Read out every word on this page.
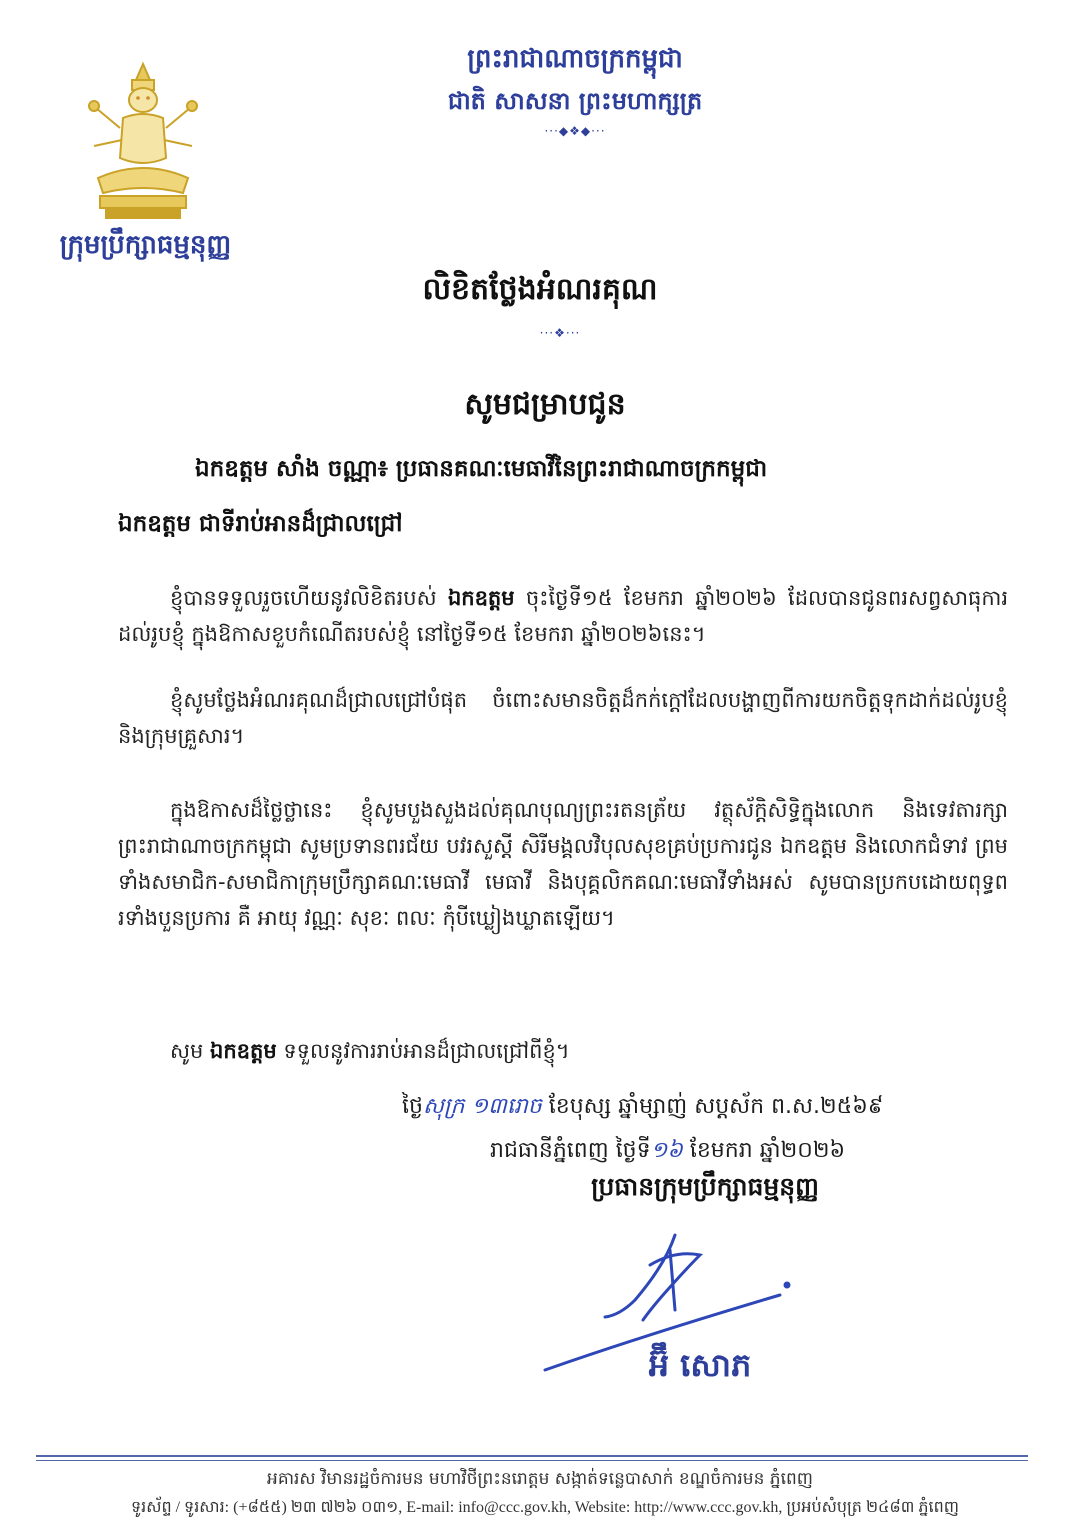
ក្រុមប្រឹក្សាធម្មនុញ្ញ
ព្រះរាជាណាចក្រកម្ពុជា
ជាតិ សាសនា ព្រះមហាក្សត្រ
···◆❖◆···
លិខិតថ្លែងអំណរគុណ
···❖···
សូមជម្រាបជូន
ឯកឧត្តម សាំង ចណ្ណា៖ ប្រធានគណៈមេធាវីនៃព្រះរាជាណាចក្រកម្ពុជា
ឯកឧត្តម ជាទីរាប់អានដ៏ជ្រាលជ្រៅ
ខ្ញុំបានទទួលរួចហើយនូវលិខិតរបស់ ឯកឧត្តម ចុះថ្ងៃទី១៥ ខែមករា ឆ្នាំ២០២៦ ដែលបានជូនពរសព្វសាធុការដល់រូបខ្ញុំ ក្នុងឱកាសខួបកំណើតរបស់ខ្ញុំ នៅថ្ងៃទី១៥ ខែមករា ឆ្នាំ២០២៦នេះ។
ខ្ញុំសូមថ្លែងអំណរគុណដ៏ជ្រាលជ្រៅបំផុត ចំពោះសមានចិត្តដ៏កក់ក្តៅដែលបង្ហាញពីការយកចិត្តទុកដាក់ដល់រូបខ្ញុំ និងក្រុមគ្រួសារ។
ក្នុងឱកាសដ៏ថ្លៃថ្លានេះ ខ្ញុំសូមបួងសួងដល់គុណបុណ្យព្រះរតនត្រ័យ វត្ថុស័ក្តិសិទ្ធិក្នុងលោក និងទេវតារក្សាព្រះរាជាណាចក្រកម្ពុជា សូមប្រទានពរជ័យ បវរសួស្តី សិរីមង្គលវិបុលសុខគ្រប់ប្រការជូន ឯកឧត្តម និងលោកជំទាវ ព្រមទាំងសមាជិក-សមាជិកាក្រុមប្រឹក្សាគណៈមេធាវី មេធាវី និងបុគ្គលិកគណៈមេធាវីទាំងអស់ សូមបានប្រកបដោយពុទ្ធពរទាំងបួនប្រការ គឺ អាយុ វណ្ណៈ សុខៈ ពលៈ កុំបីឃ្លៀងឃ្លាតឡើយ។
សូម ឯកឧត្តម ទទួលនូវការរាប់អានដ៏ជ្រាលជ្រៅពីខ្ញុំ។
ថ្ងៃសុក្រ ១៣រោច ខែបុស្ស ឆ្នាំម្សាញ់ សប្តស័ក ព.ស.២៥៦៩
រាជធានីភ្នំពេញ ថ្ងៃទី១៦ ខែមករា ឆ្នាំ២០២៦
ប្រធានក្រុមប្រឹក្សាធម្មនុញ្ញ
អ៊ឹ សោភ
អគារស វិមានរដ្ឋចំការមន មហាវិថីព្រះនរោត្តម សង្កាត់ទន្លេបាសាក់ ខណ្ឌចំការមន ភ្នំពេញ
ទូរស័ព្ទ / ទូរសារ: (+៨៥៥) ២៣ ៧២៦ ០៣១, E-mail: info@ccc.gov.kh, Website: http://www.ccc.gov.kh, ប្រអប់សំបុត្រ ២៤៨៣ ភ្នំពេញ
